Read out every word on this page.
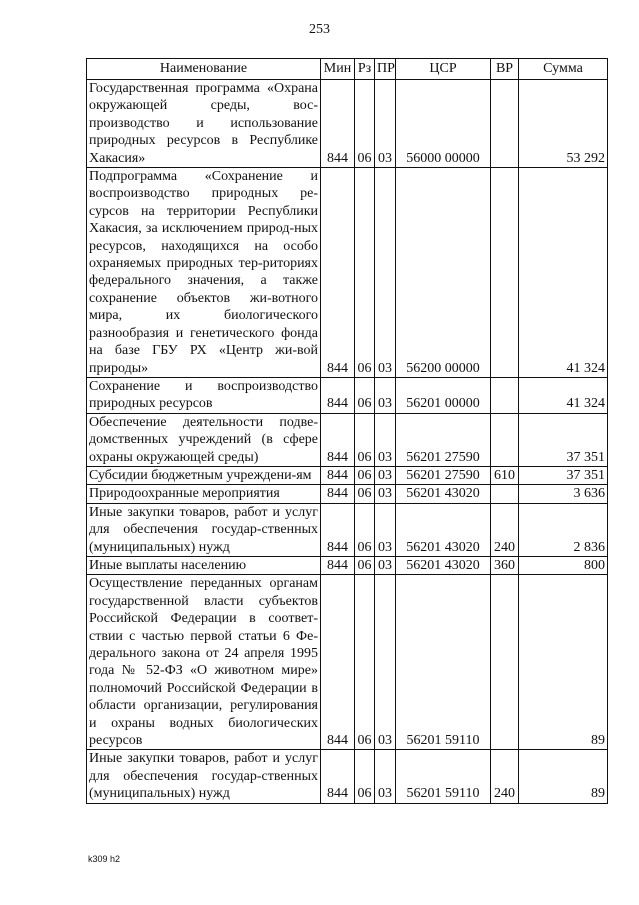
253
Наименование	Мин	Рз	ПР	ЦСР	ВР	Сумма
Государственная программа «Охрана окружающей среды, вос-производство и использование природных ресурсов в Республике Хакасия»	844	06	03	56000 00000		53 292
Подпрограмма «Сохранение и воспроизводство природных ре-сурсов на территории Республики Хакасия, за исключением природ-ных ресурсов, находящихся на особо охраняемых природных тер-риториях федерального значения, а также сохранение объектов жи-вотного мира, их биологического разнообразия и генетического фонда на базе ГБУ РХ «Центр жи-вой природы»	844	06	03	56200 00000		41 324
Сохранение и воспроизводство природных ресурсов	844	06	03	56201 00000		41 324
Обеспечение деятельности подве-домственных учреждений (в сфере охраны окружающей среды)	844	06	03	56201 27590		37 351
Субсидии бюджетным учреждени-ям	844	06	03	56201 27590	610	37 351
Природоохранные мероприятия	844	06	03	56201 43020		3 636
Иные закупки товаров, работ и услуг для обеспечения государ-ственных (муниципальных) нужд	844	06	03	56201 43020	240	2 836
Иные выплаты населению	844	06	03	56201 43020	360	800
Осуществление переданных органам государственной власти субъектов Российской Федерации в соответ-ствии с частью первой статьи 6 Фе-дерального закона от 24 апреля 1995 года № 52-ФЗ «О животном мире» полномочий Российской Федерации в области организации, регулирования и охраны водных биологических ресурсов	844	06	03	56201 59110		89
Иные закупки товаров, работ и услуг для обеспечения государ-ственных (муниципальных) нужд	844	06	03	56201 59110	240	89
k309 h2
